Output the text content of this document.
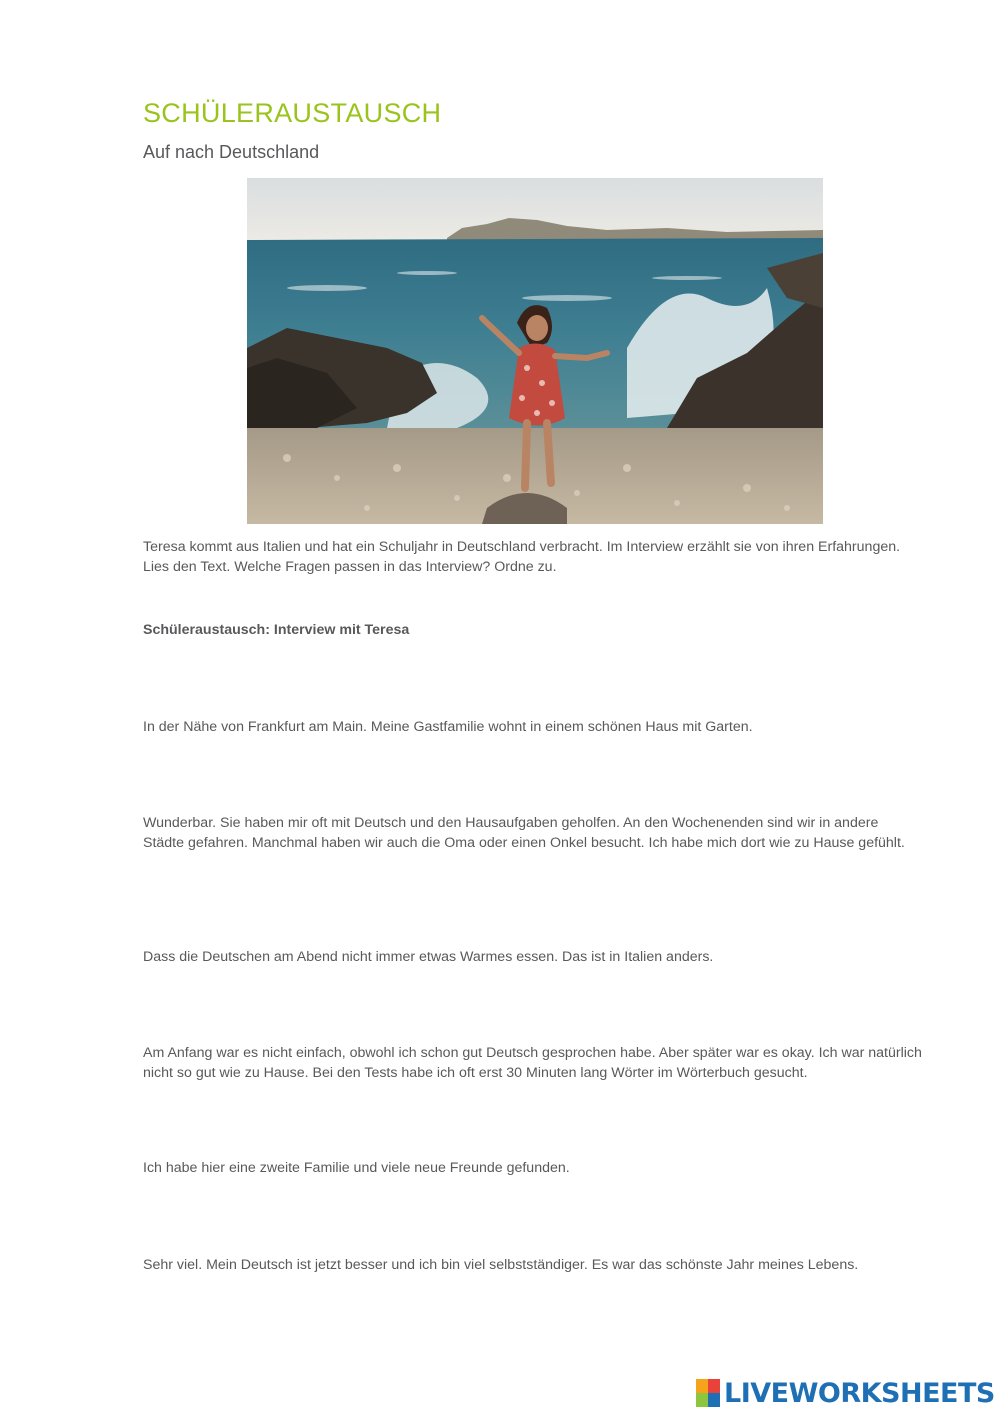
SCHÜLERAUSTAUSCH
Auf nach Deutschland

Teresa kommt aus Italien und hat ein Schuljahr in Deutschland verbracht. Im Interview erzählt sie von ihren Erfahrungen. Lies den Text. Welche Fragen passen in das Interview? Ordne zu.

Schüleraustausch: Interview mit Teresa

In der Nähe von Frankfurt am Main. Meine Gastfamilie wohnt in einem schönen Haus mit Garten.

Wunderbar. Sie haben mir oft mit Deutsch und den Hausaufgaben geholfen. An den Wochenenden sind wir in andere Städte gefahren. Manchmal haben wir auch die Oma oder einen Onkel besucht. Ich habe mich dort wie zu Hause gefühlt.

Dass die Deutschen am Abend nicht immer etwas Warmes essen. Das ist in Italien anders.

Am Anfang war es nicht einfach, obwohl ich schon gut Deutsch gesprochen habe. Aber später war es okay. Ich war natürlich nicht so gut wie zu Hause. Bei den Tests habe ich oft erst 30 Minuten lang Wörter im Wörterbuch gesucht.

Ich habe hier eine zweite Familie und viele neue Freunde gefunden.

Sehr viel. Mein Deutsch ist jetzt besser und ich bin viel selbstständiger. Es war das schönste Jahr meines Lebens.

LIVEWORKSHEETS
